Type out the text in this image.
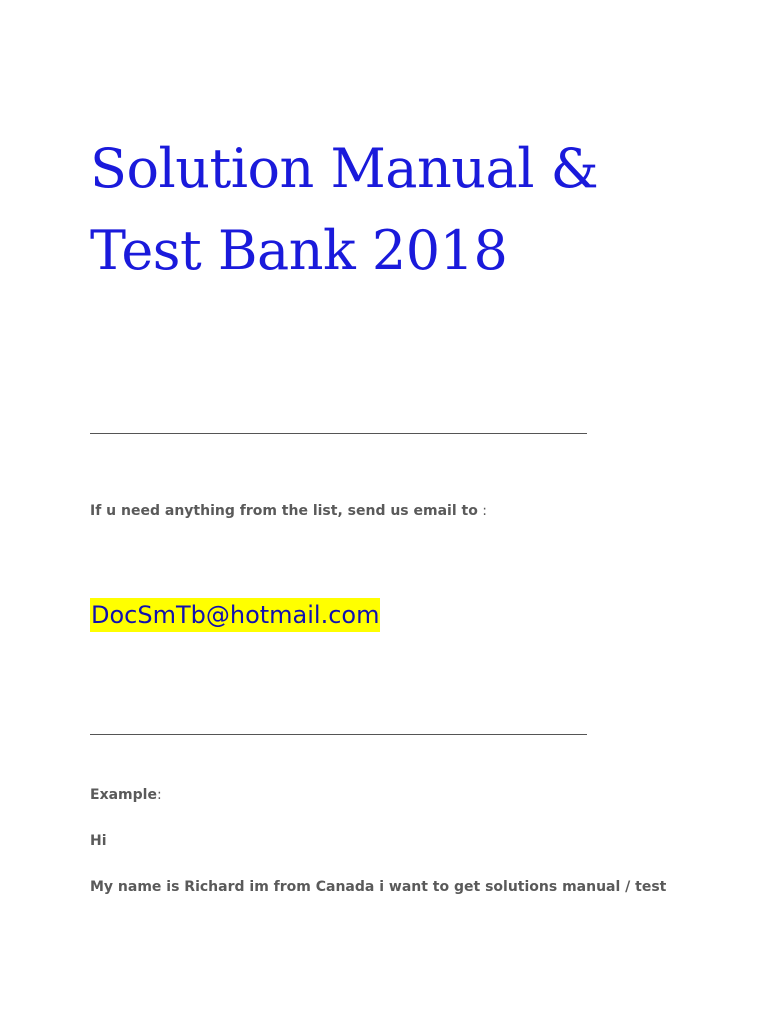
Solution Manual &
Test Bank 2018

If u need anything from the list, send us email to :

DocSmTb@hotmail.com

Example:

Hi

My name is Richard im from Canada i want to get solutions manual / test
